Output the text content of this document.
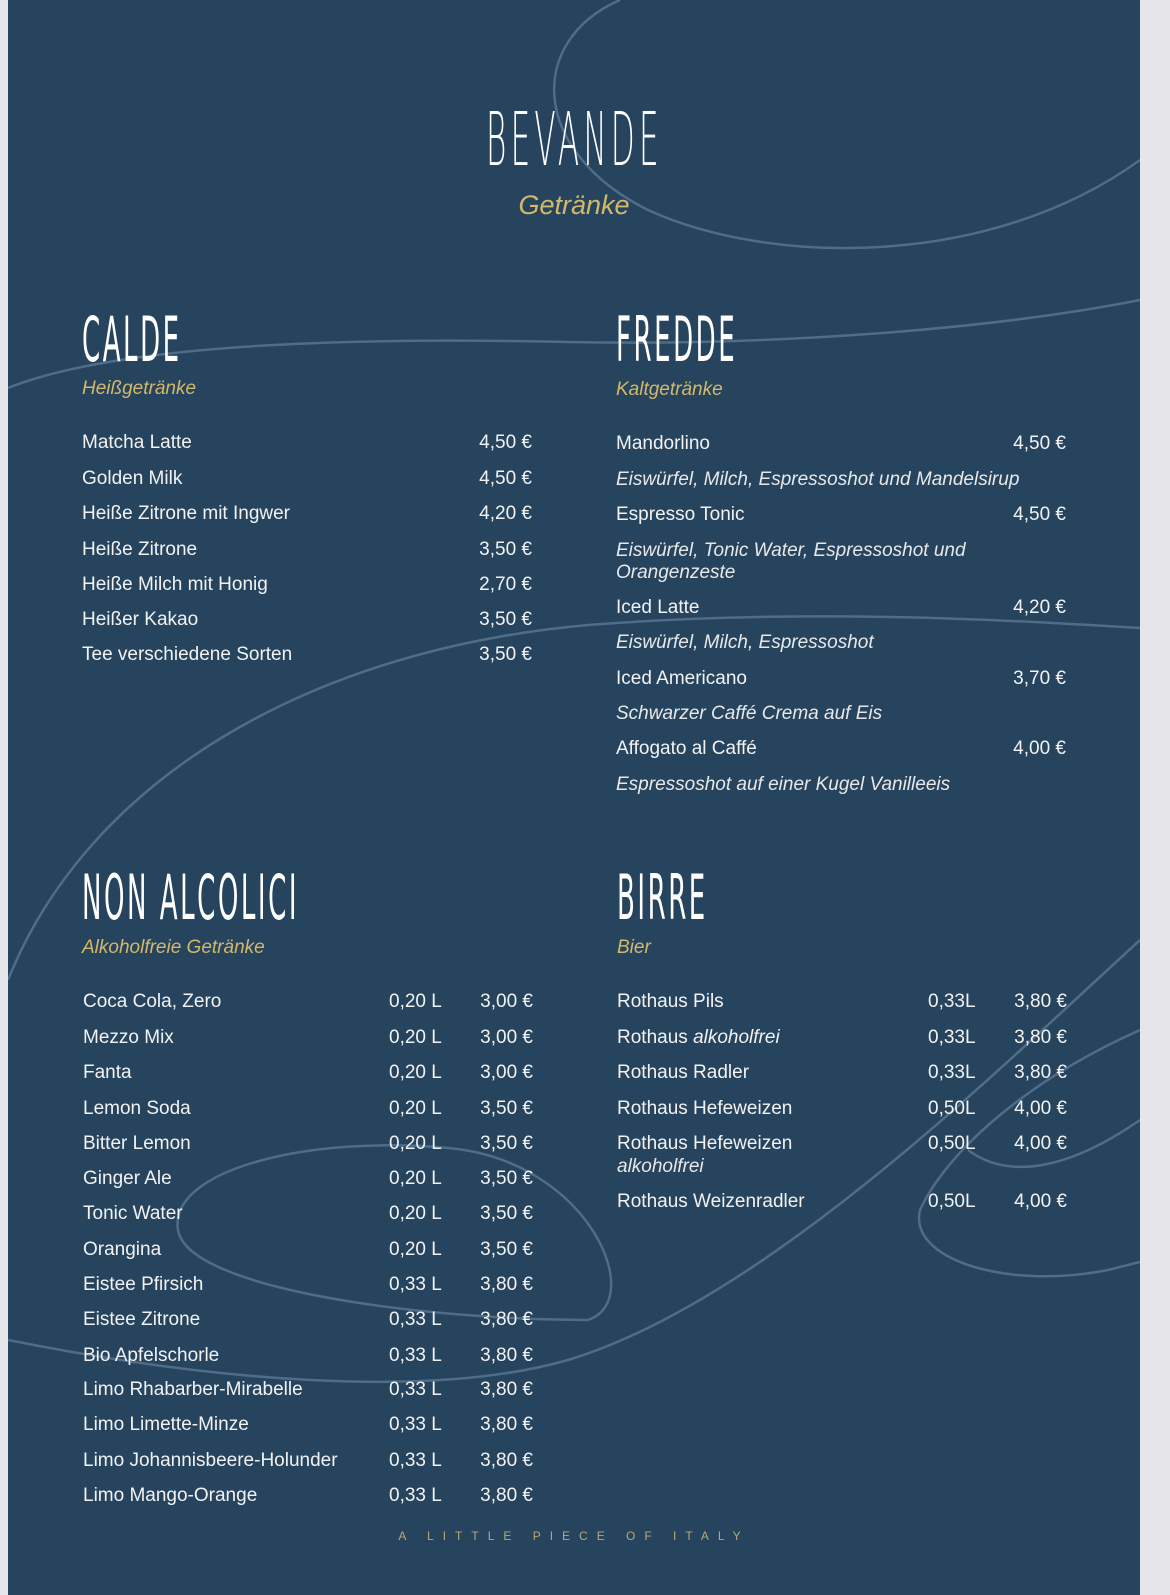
BEVANDE
Getränke
CALDE
Heißgetränke
Matcha Latte	4,50 €
Golden Milk	4,50 €
Heiße Zitrone mit Ingwer	4,20 €
Heiße Zitrone	3,50 €
Heiße Milch mit Honig	2,70 €
Heißer Kakao	3,50 €
Tee verschiedene Sorten	3,50 €
FREDDE
Kaltgetränke
Mandorlino	4,50 €
Eiswürfel, Milch, Espressoshot und Mandelsirup
Espresso Tonic	4,50 €
Eiswürfel, Tonic Water, Espressoshot und
Orangenzeste
Iced Latte	4,20 €
Eiswürfel, Milch, Espressoshot
Iced Americano	3,70 €
Schwarzer Caffé Crema auf Eis
Affogato al Caffé	4,00 €
Espressoshot auf einer Kugel Vanilleeis
NON ALCOLICI
Alkoholfreie Getränke
Coca Cola, Zero	0,20 L 3,00 €
Mezzo Mix	0,20 L 3,00 €
Fanta	0,20 L 3,00 €
Lemon Soda	0,20 L 3,50 €
Bitter Lemon	0,20 L 3,50 €
Ginger Ale	0,20 L 3,50 €
Tonic Water	0,20 L 3,50 €
Orangina	0,20 L 3,50 €
Eistee Pfirsich	0,33 L 3,80 €
Eistee Zitrone	0,33 L 3,80 €
Bio Apfelschorle	0,33 L 3,80 €
Limo Rhabarber-Mirabelle	0,33 L 3,80 €
Limo Limette-Minze	0,33 L 3,80 €
Limo Johannisbeere-Holunder	0,33 L 3,80 €
Limo Mango-Orange	0,33 L 3,80 €
BIRRE
Bier
Rothaus Pils	0,33L 3,80 €
Rothaus alkoholfrei	0,33L 3,80 €
Rothaus Radler	0,33L 3,80 €
Rothaus Hefeweizen	0,50L 4,00 €
Rothaus Hefeweizen	0,50L 4,00 €
alkoholfrei
Rothaus Weizenradler	0,50L 4,00 €
A LITTLE PIECE OF ITALY
